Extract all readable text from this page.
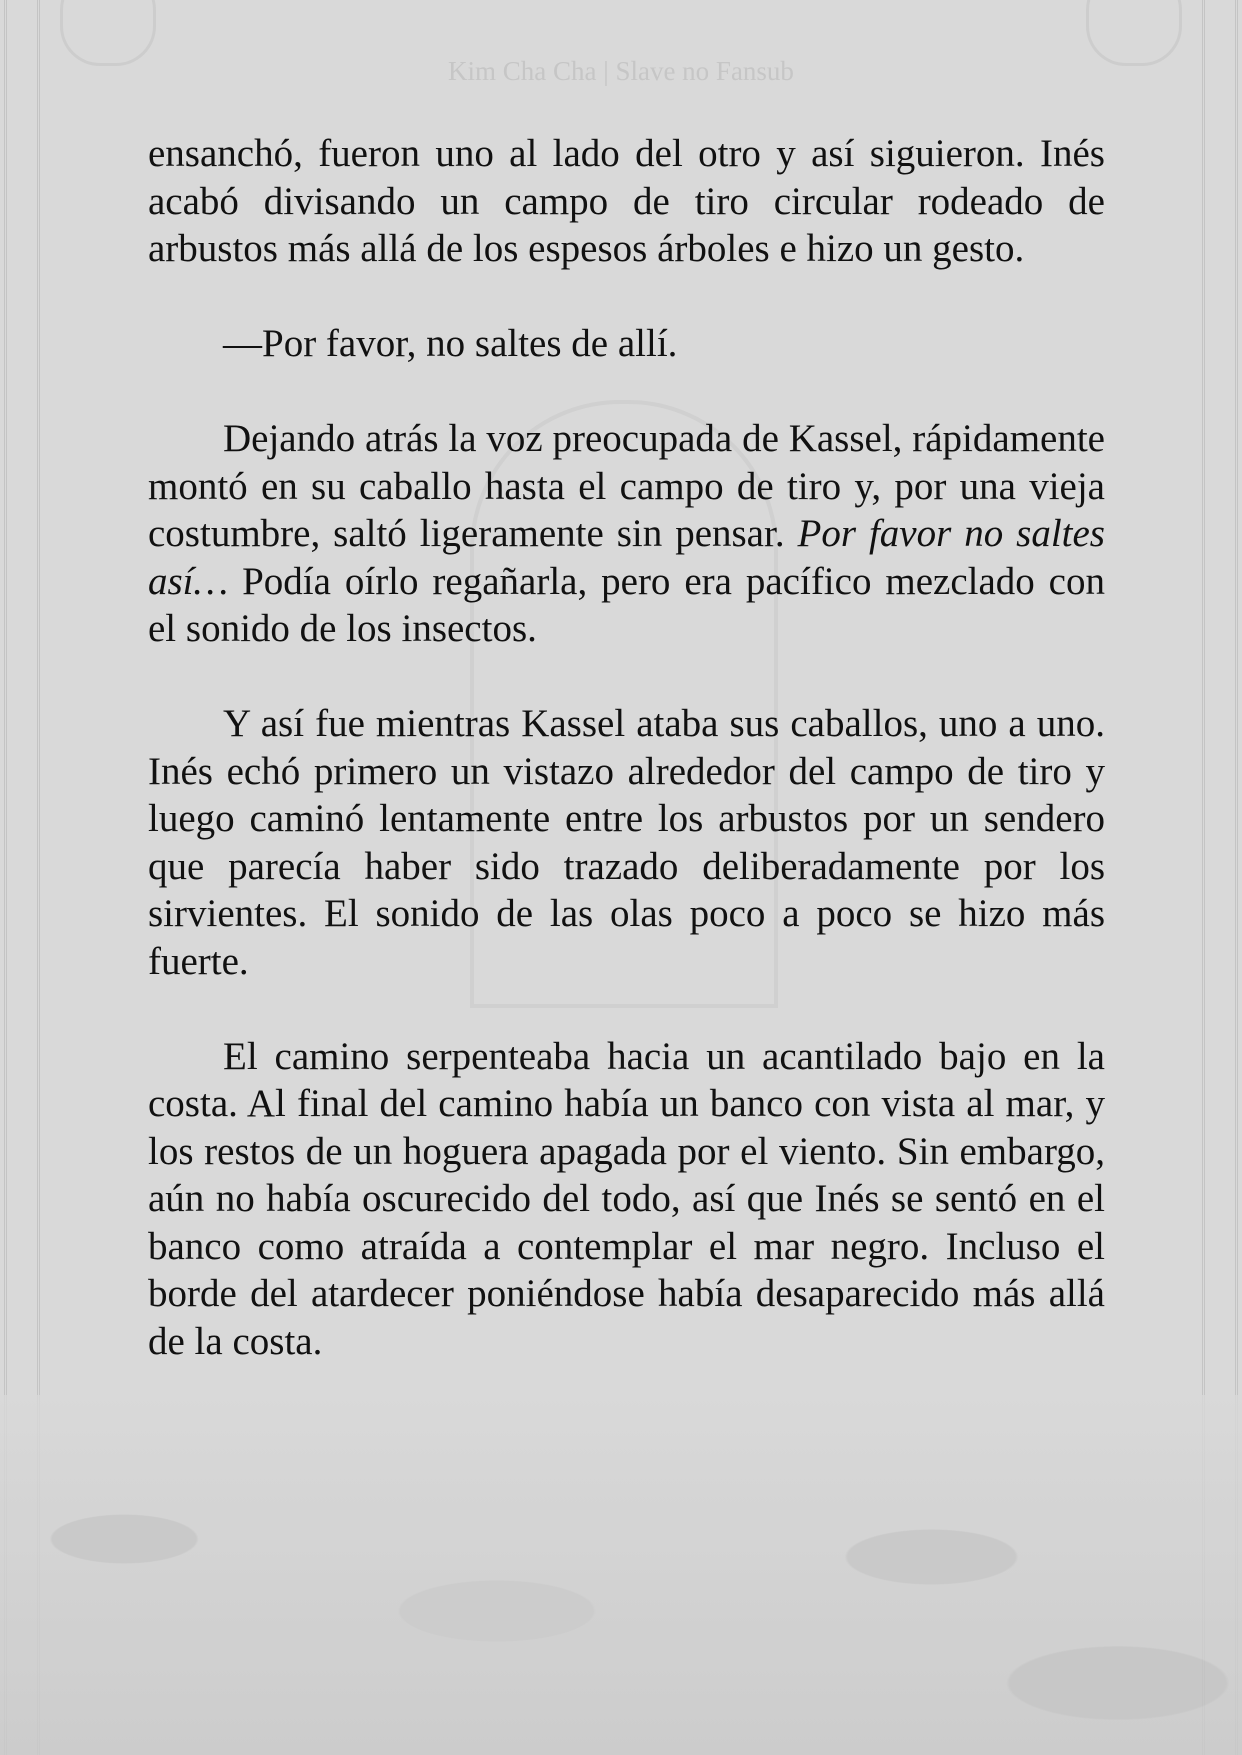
Kim Cha Cha | Slave no Fansub

ensanchó, fueron uno al lado del otro y así siguieron. Inés acabó divisando un campo de tiro circular rodeado de arbustos más allá de los espesos árboles e hizo un gesto.

—Por favor, no saltes de allí.

Dejando atrás la voz preocupada de Kassel, rápidamente montó en su caballo hasta el campo de tiro y, por una vieja costumbre, saltó ligeramente sin pensar. Por favor no saltes así… Podía oírlo regañarla, pero era pacífico mezclado con el sonido de los insectos.

Y así fue mientras Kassel ataba sus caballos, uno a uno. Inés echó primero un vistazo alrededor del campo de tiro y luego caminó lentamente entre los arbustos por un sendero que parecía haber sido trazado deliberadamente por los sirvientes. El sonido de las olas poco a poco se hizo más fuerte.

El camino serpenteaba hacia un acantilado bajo en la costa. Al final del camino había un banco con vista al mar, y los restos de un hoguera apagada por el viento. Sin embargo, aún no había oscurecido del todo, así que Inés se sentó en el banco como atraída a contemplar el mar negro. Incluso el borde del atardecer poniéndose había desaparecido más allá de la costa.
